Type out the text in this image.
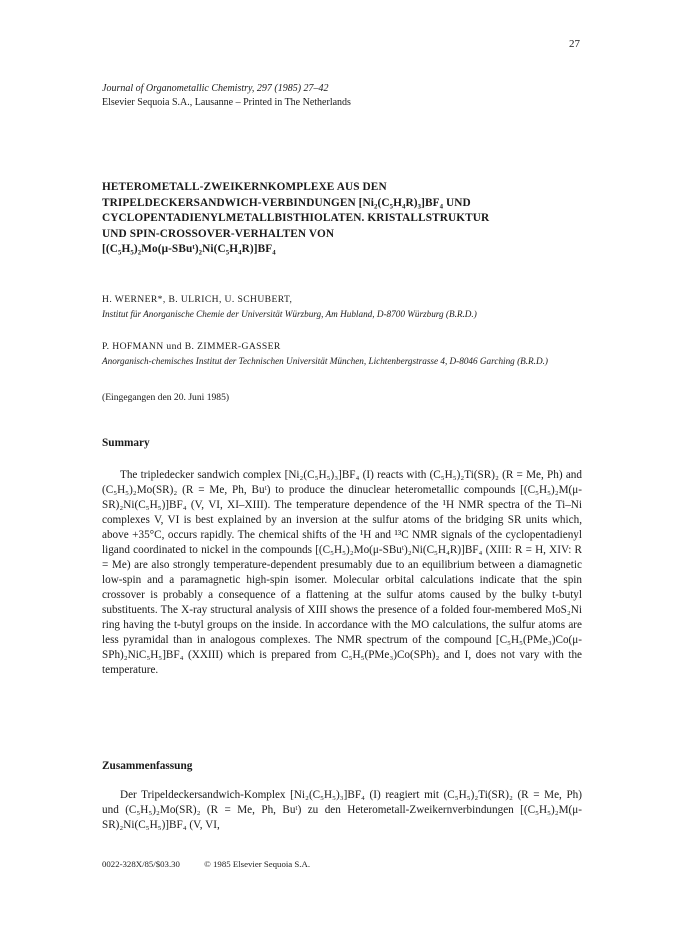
27
Journal of Organometallic Chemistry, 297 (1985) 27–42
Elsevier Sequoia S.A., Lausanne – Printed in The Netherlands
HETEROMETALL-ZWEIKERNKOMPLEXE AUS DEN
TRIPELDECKERSANDWICH-VERBINDUNGEN [Ni₂(C₅H₄R)₃]BF₄ UND
CYCLOPENTADIENYLMETALLBISTHIOLATEN. KRISTALLSTRUKTUR
UND SPIN-CROSSOVER-VERHALTEN VON
[(C₅H₅)₂Mo(μ-SBuᵗ)₂Ni(C₅H₄R)]BF₄
H. WERNER*, B. ULRICH, U. SCHUBERT,
Institut für Anorganische Chemie der Universität Würzburg, Am Hubland, D-8700 Würzburg (B.R.D.)
P. HOFMANN und B. ZIMMER-GASSER
Anorganisch-chemisches Institut der Technischen Universität München, Lichtenbergstrasse 4, D-8046 Garching (B.R.D.)
(Eingegangen den 20. Juni 1985)
Summary

The tripledecker sandwich complex [Ni₂(C₅H₅)₃]BF₄ (I) reacts with (C₅H₅)₂Ti(SR)₂ (R = Me, Ph) and (C₅H₅)₂Mo(SR)₂ (R = Me, Ph, Buᵗ) to produce the dinuclear heterometallic compounds [(C₅H₅)₂M(μ-SR)₂Ni(C₅H₅)]BF₄ (V, VI, XI–XIII). The temperature dependence of the ¹H NMR spectra of the Ti–Ni complexes V, VI is best explained by an inversion at the sulfur atoms of the bridging SR units which, above +35°C, occurs rapidly. The chemical shifts of the ¹H and ¹³C NMR signals of the cyclopentadienyl ligand coordinated to nickel in the compounds [(C₅H₅)₂Mo(μ-SBuᵗ)₂Ni(C₅H₄R)]BF₄ (XIII: R = H, XIV: R = Me) are also strongly temperature-dependent presumably due to an equilibrium between a diamagnetic low-spin and a paramagnetic high-spin isomer. Molecular orbital calculations indicate that the spin crossover is probably a consequence of a flattening at the sulfur atoms caused by the bulky t-butyl substituents. The X-ray structural analysis of XIII shows the presence of a folded four-membered MoS₂Ni ring having the t-butyl groups on the inside. In accordance with the MO calculations, the sulfur atoms are less pyramidal than in analogous complexes. The NMR spectrum of the compound [C₅H₅(PMe₃)Co(μ-SPh)₂NiC₅H₅]BF₄ (XXIII) which is prepared from C₅H₅(PMe₃)Co(SPh)₂ and I, does not vary with the temperature.

Zusammenfassung

Der Tripeldeckersandwich-Komplex [Ni₂(C₅H₅)₃]BF₄ (I) reagiert mit (C₅H₅)₂Ti(SR)₂ (R = Me, Ph) und (C₅H₅)₂Mo(SR)₂ (R = Me, Ph, Buᵗ) zu den Heterometall-Zweikernverbindungen [(C₅H₅)₂M(μ-SR)₂Ni(C₅H₅)]BF₄ (V, VI,

0022-328X/85/$03.30	© 1985 Elsevier Sequoia S.A.
